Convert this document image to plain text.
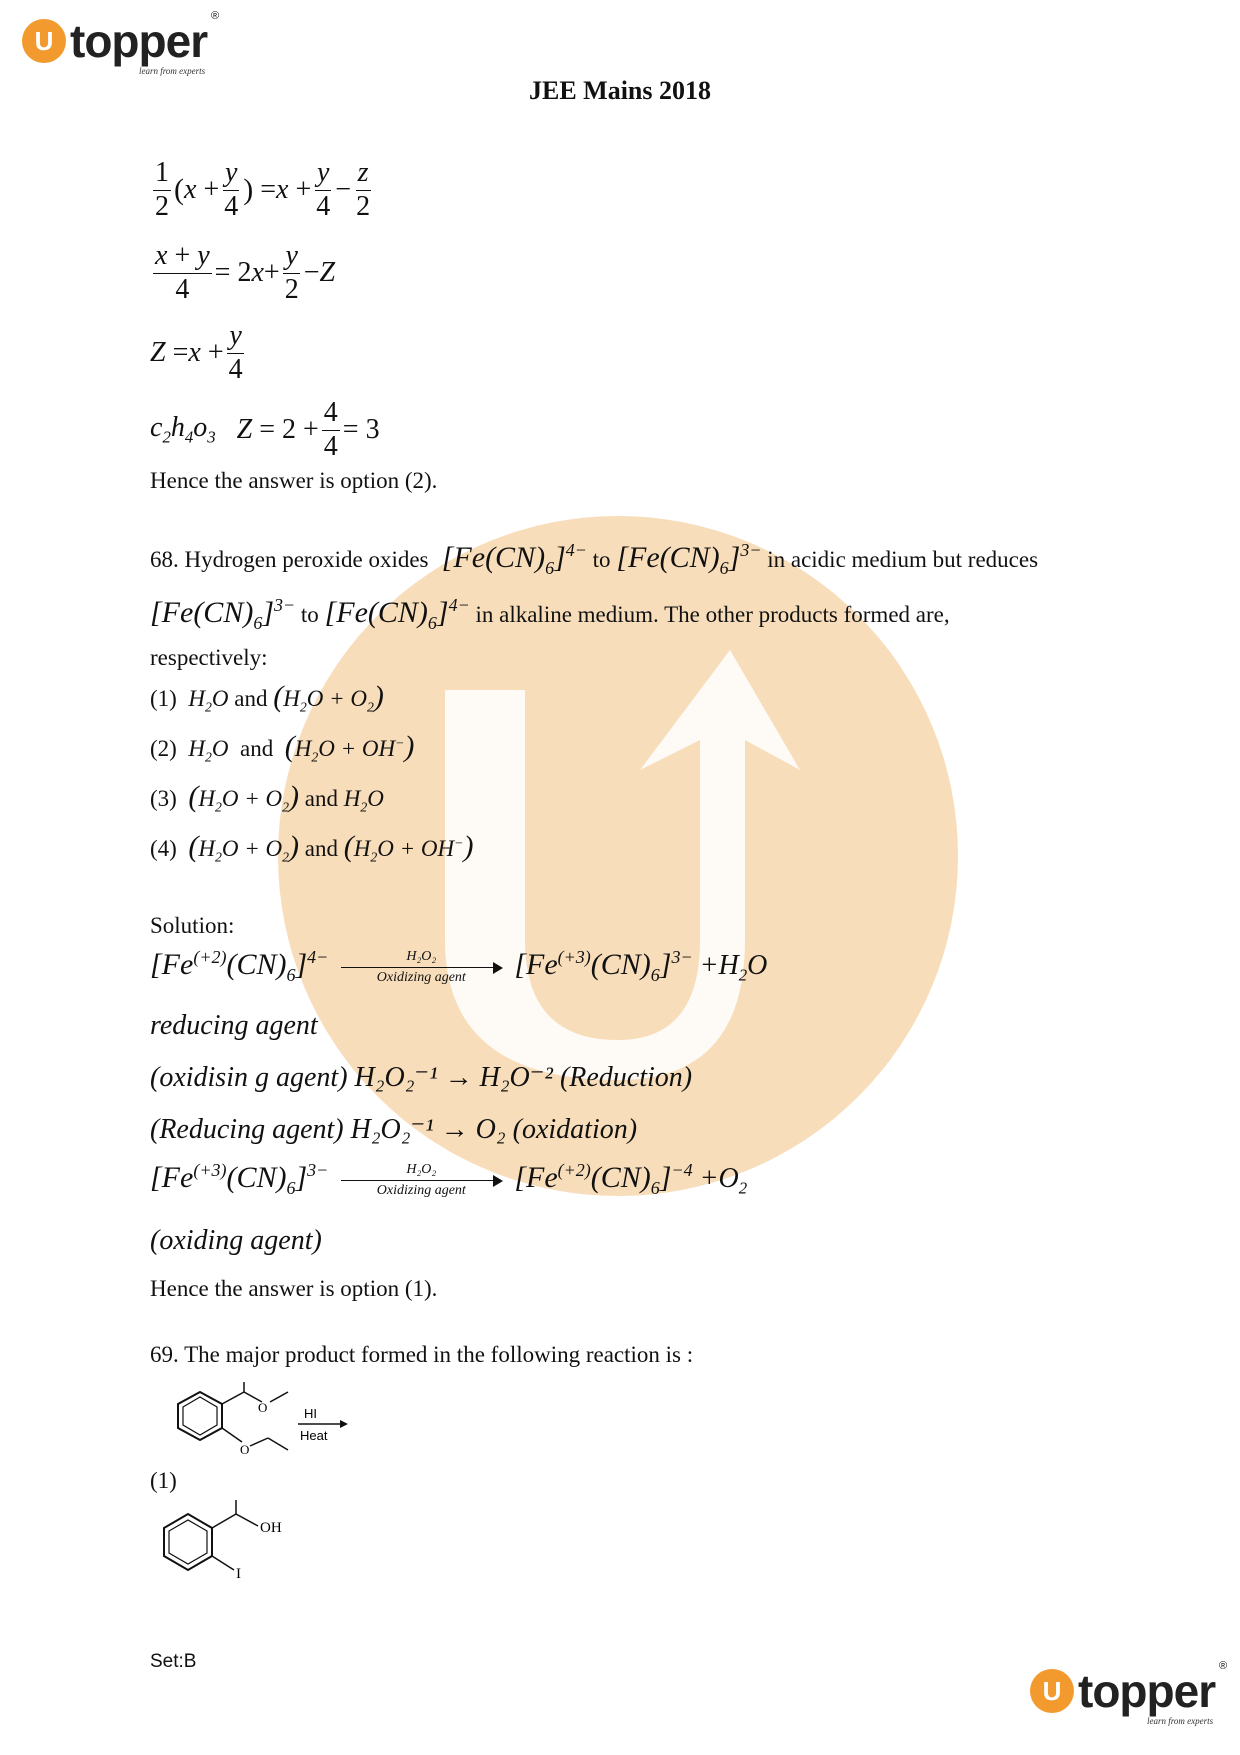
U topper ®
learn from experts
JEE Mains 2018
$\frac{1}{2}$ ( $x + \frac{y}{4}$ ) = $x + \frac{y}{4} - \frac{z}{2}$
$\frac{x + y}{4} = 2$ $x + \frac{y}{2} - Z$
$Z = x + \frac{y}{4}$
$c_2h_4o_3$
$Z = 2 + \frac{4}{4} = 3$
Hence the answer is option (2).
68. Hydrogen peroxide oxides  $[Fe(CN)_6]^{4-}$ to $[Fe(CN)_6]^{3-}$ in acidic medium but reduces
$[Fe(CN)_6]^{3-}$ to $[Fe(CN)_6]^{4-}$ in alkaline medium. The other products formed are,
respectively:
(1) $H_2O$ and $(H_2O + O_2)$
(2) $H_2O$ and $(H_2O + OH^-)$
(3) $(H_2O + O_2)$ and $H_2O$
(4) $(H_2O + O_2)$ and $(H_2O + OH^-)$
Solution:
$[Fe^{(+2)}(CN)_6]^{4-}$	H₂O₂
Oxidizing agent $[Fe^{(+3)}(CN)_6]^{3-} +H_2O$
reducing agent
(oxidisin g agent) H₂O₂⁻¹ → H₂O⁻² (Reduction)
(Reducing agent) H₂O₂⁻¹ → O₂ (oxidation)
$[Fe^{(+3)}(CN)_6]^{3-}$	H₂O₂
Oxidizing agent $[Fe^{(+2)}(CN)_6]^{-4} +O_2$
(oxiding agent)
Hence the answer is option (1).
69. The major product formed in the following reaction is :
O
O
HI
Heat
(1)
OH
I
Set:B
U topper ®
learn from experts
